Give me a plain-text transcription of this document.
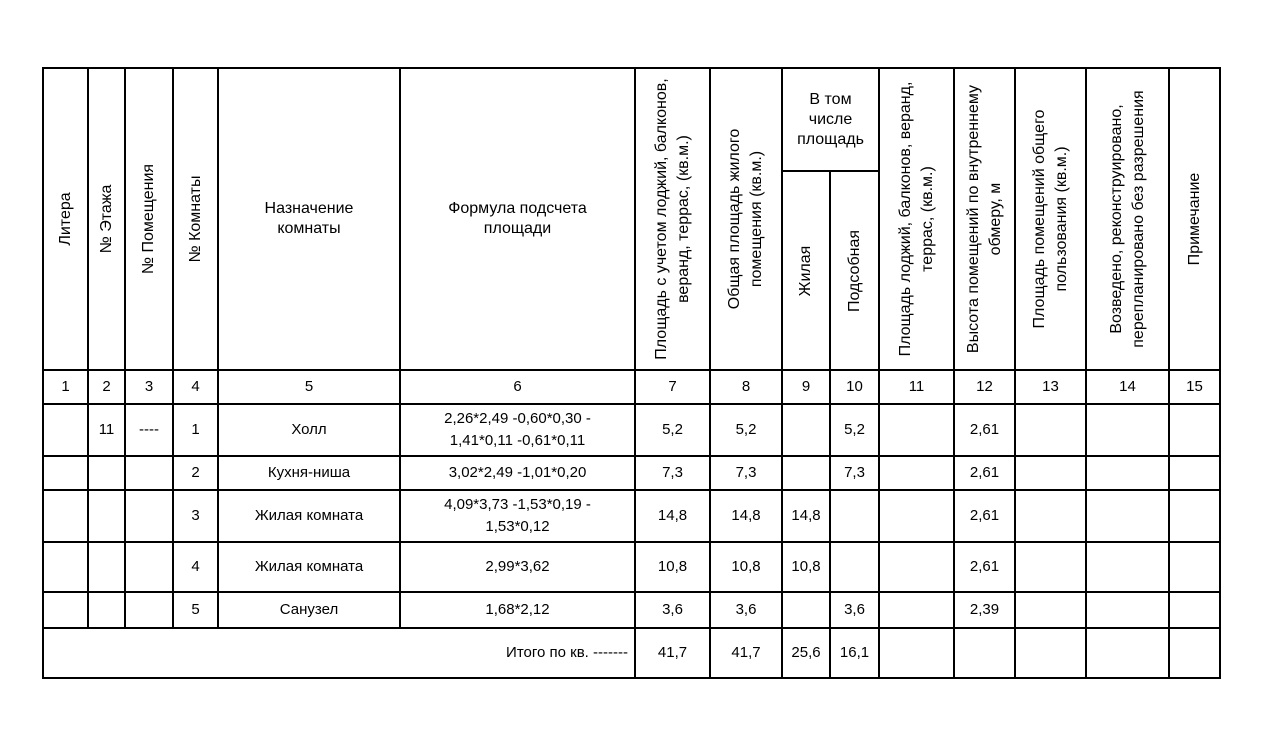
Литера	№ Этажа	№ Помещения	№ Комнаты	Назначение комнаты	Формула подсчета площади	Площадь с учетом лоджий, балконов, веранд, террас, (кв.м.)	Общая площадь жилого помещения (кв.м.)	В том числе площадь		Площадь лоджий, балконов, веранд, террас, (кв.м.)	Высота помещений по внутреннему обмеру, м	Площадь помещений общего пользования (кв.м.)	Возведено, реконструировано, перепланировано без разрешения	Примечание

								Жилая	Подсобная					

1	2	3	4	5	6	7	8	9	10	11	12	13	14	15
	11	----	1	Холл	2,26*2,49 -0,60*0,30 - 1,41*0,11 -0,61*0,11	5,2	5,2		5,2		2,61			
			2	Кухня-ниша	3,02*2,49 -1,01*0,20	7,3	7,3		7,3		2,61			
			3	Жилая комната	4,09*3,73 -1,53*0,19 - 1,53*0,12	14,8	14,8	14,8			2,61			
			4	Жилая комната	2,99*3,62	10,8	10,8	10,8			2,61			
			5	Санузел	1,68*2,12	3,6	3,6		3,6		2,39			
Итого по кв. -------						41,7	41,7	25,6	16,1					
